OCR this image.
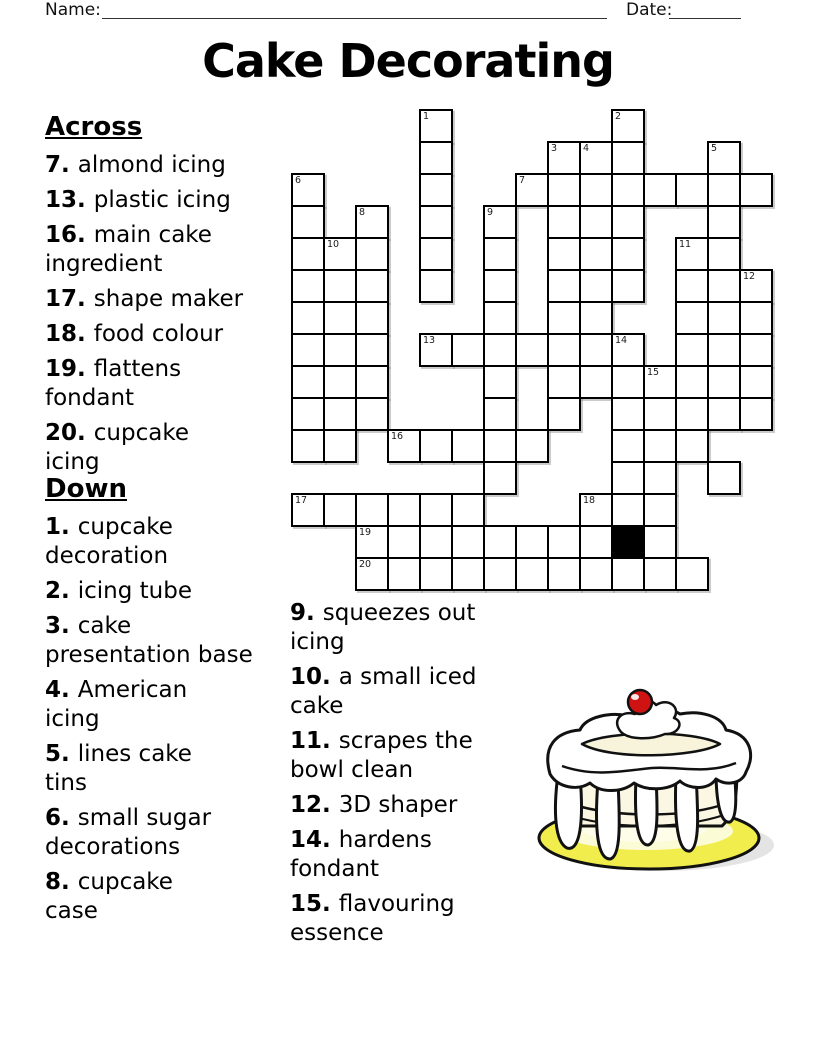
Name:	Date:
Cake Decorating
1	2
3	4	5
6	7
8	9
10	11
12
13	14
15
16
17	18
19
20
Across
7. almond icing
13. plastic icing
16. main cake
ingredient
17. shape maker
18. food colour
19. flattens
fondant
20. cupcake
icing
Down
1. cupcake
decoration
2. icing tube
3. cake
presentation base
4. American
icing
5. lines cake
tins
6. small sugar
decorations
8. cupcake
case
9. squeezes out
icing
10. a small iced
cake
11. scrapes the
bowl clean
12. 3D shaper
14. hardens
fondant
15. flavouring
essence
